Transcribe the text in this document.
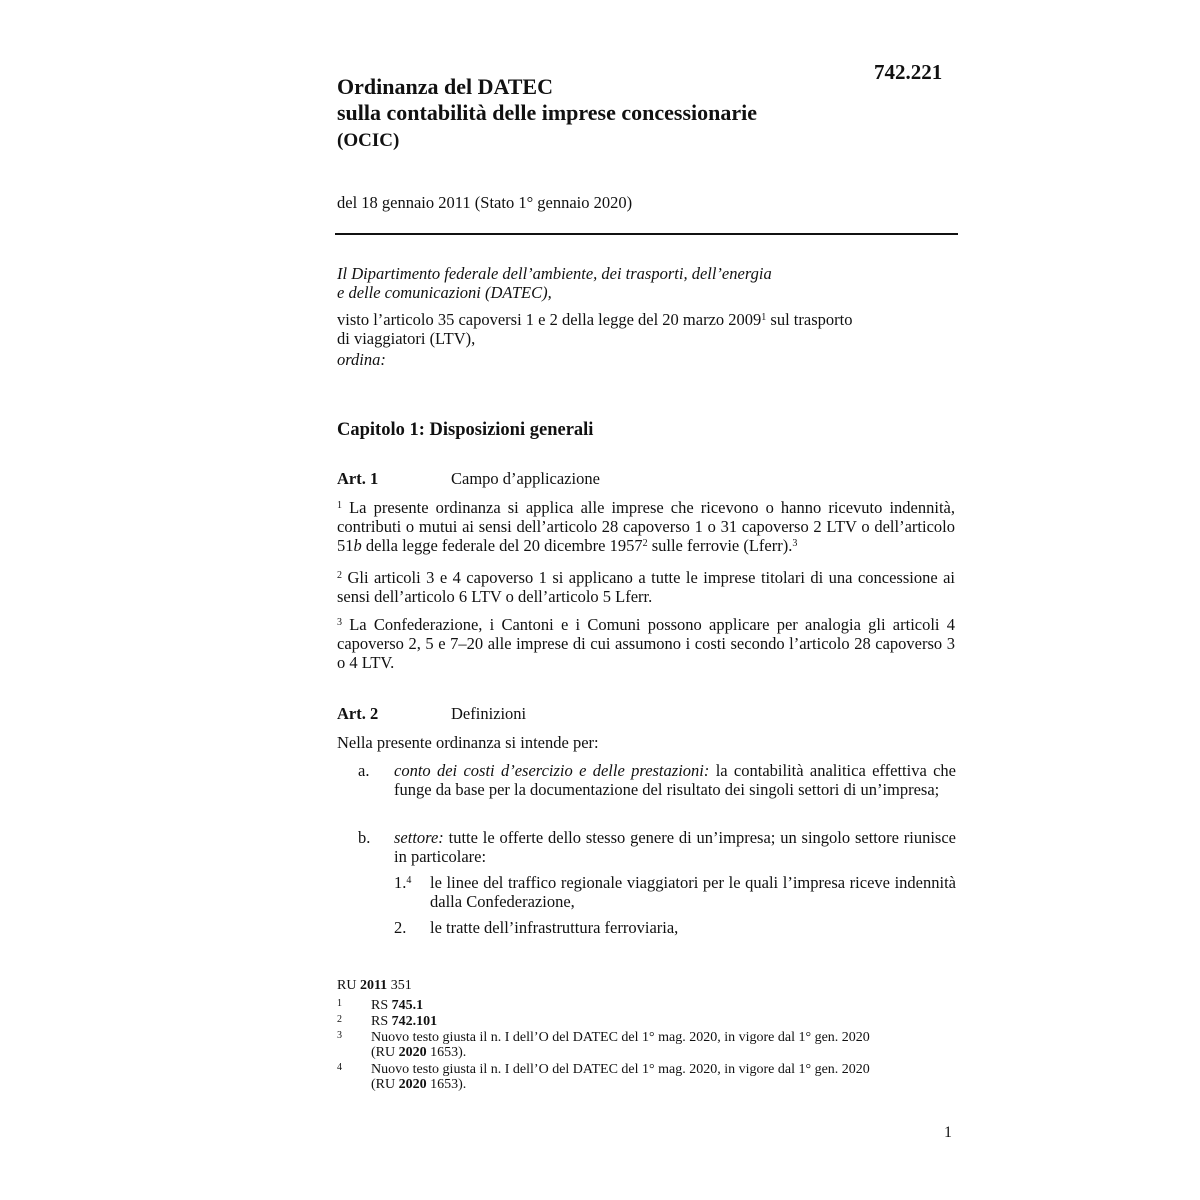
742.221
Ordinanza del DATEC
sulla contabilità delle imprese concessionarie
(OCIC)
del 18 gennaio 2011 (Stato 1° gennaio 2020)

Il Dipartimento federale dell’ambiente, dei trasporti, dell’energia

e delle comunicazioni (DATEC),

visto l’articolo 35 capoversi 1 e 2 della legge del 20 marzo 2009$^1$ sul trasporto

di viaggiatori (LTV),

ordina:

Capitolo 1: Disposizioni generali
Art. 1	Campo d’applicazione

$^1$ La presente ordinanza si applica alle imprese che ricevono o hanno ricevuto indennità, contributi o mutui ai sensi dell’articolo 28 capoverso 1 o 31 capoverso 2 LTV o dell’articolo 51b della legge federale del 20 dicembre 1957$^2$ sulle ferrovie (Lferr).$^3$

$^2$ Gli articoli 3 e 4 capoverso 1 si applicano a tutte le imprese titolari di una concessione ai sensi dell’articolo 6 LTV o dell’articolo 5 Lferr.

$^3$ La Confederazione, i Cantoni e i Comuni possono applicare per analogia gli articoli 4 capoverso 2, 5 e 7–20 alle imprese di cui assumono i costi secondo l’articolo 28 capoverso 3 o 4 LTV.

Art. 2	Definizioni
Nella presente ordinanza si intende per:
a. conto dei costi d’esercizio e delle prestazioni: la contabilità analitica effettiva che funge da base per la documentazione del risultato dei singoli settori di un’impresa;
b. settore: tutte le offerte dello stesso genere di un’impresa; un singolo settore riunisce in particolare:
1.$^4$ le linee del traffico regionale viaggiatori per le quali l’impresa riceve indennità dalla Confederazione,
2. le tratte dell’infrastruttura ferroviaria,
RU 2011 351
1 RS 745.1
2 RS 742.101
3 Nuovo testo giusta il n. I dell’O del DATEC del 1° mag. 2020, in vigore dal 1° gen. 2020
(RU 2020 1653).
4 Nuovo testo giusta il n. I dell’O del DATEC del 1° mag. 2020, in vigore dal 1° gen. 2020
(RU 2020 1653).
1
